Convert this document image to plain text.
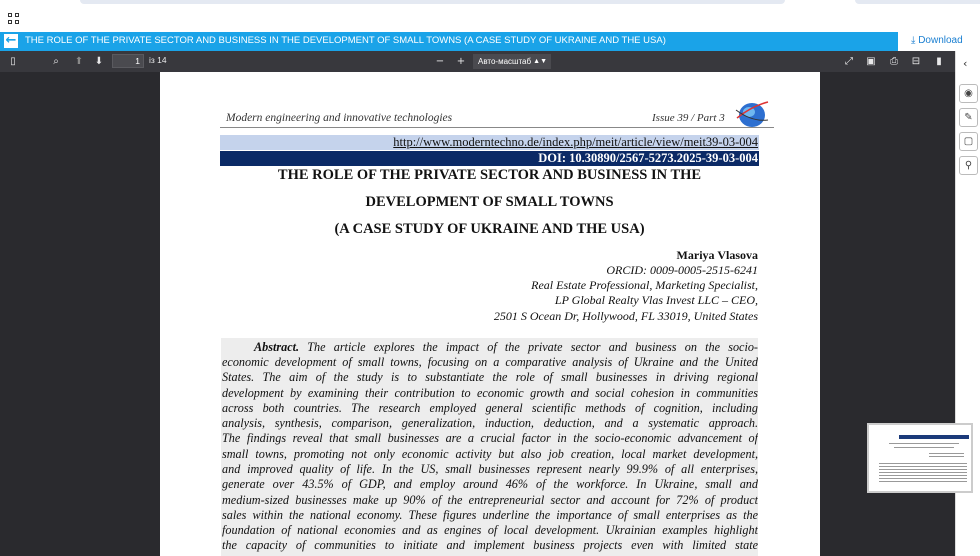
← THE ROLE OF THE PRIVATE SECTOR AND BUSINESS IN THE DEVELOPMENT OF SMALL TOWNS (A CASE STUDY OF UKRAINE AND THE USA)	⤓ Download
▯	⌕	⬆ ⬇	1	iз 14	− +	Авто-масштаб ▲▼	⤢	▣	⎙	⊟	▮
Modern engineering and innovative technologies	Issue 39 / Part 3
http://www.moderntechno.de/index.php/meit/article/view/meit39-03-004
DOI: 10.30890/2567-5273.2025-39-03-004
THE ROLE OF THE PRIVATE SECTOR AND BUSINESS IN THE
DEVELOPMENT OF SMALL TOWNS
(A CASE STUDY OF UKRAINE AND THE USA)
Mariya Vlasova
ORCID: 0009-0005-2515-6241
Real Estate Professional, Marketing Specialist,
LP Global Realty Vlas Invest LLC – CEO,
2501 S Ocean Dr, Hollywood, FL 33019, United States
Abstract. The article explores the impact of the private sector and business on the socio-
economic development of small towns, focusing on a comparative analysis of Ukraine and the United
States. The aim of the study is to substantiate the role of small businesses in driving regional
development by examining their contribution to economic growth and social cohesion in communities
across both countries. The research employed general scientific methods of cognition, including
analysis, synthesis, comparison, generalization, induction, deduction, and a systematic approach.
The findings reveal that small businesses are a crucial factor in the socio-economic advancement of
small towns, promoting not only economic activity but also job creation, local market development,
and improved quality of life. In the US, small businesses represent nearly 99.9% of all enterprises,
generate over 43.5% of GDP, and employ around 46% of the workforce. In Ukraine, small and
medium-sized businesses make up 90% of the entrepreneurial sector and account for 72% of product
sales within the national economy. These figures underline the importance of small enterprises as the
foundation of national economies and as engines of local development. Ukrainian examples highlight
the capacity of communities to initiate and implement business projects even with limited state
‹
◉
✎
▢
⚲
